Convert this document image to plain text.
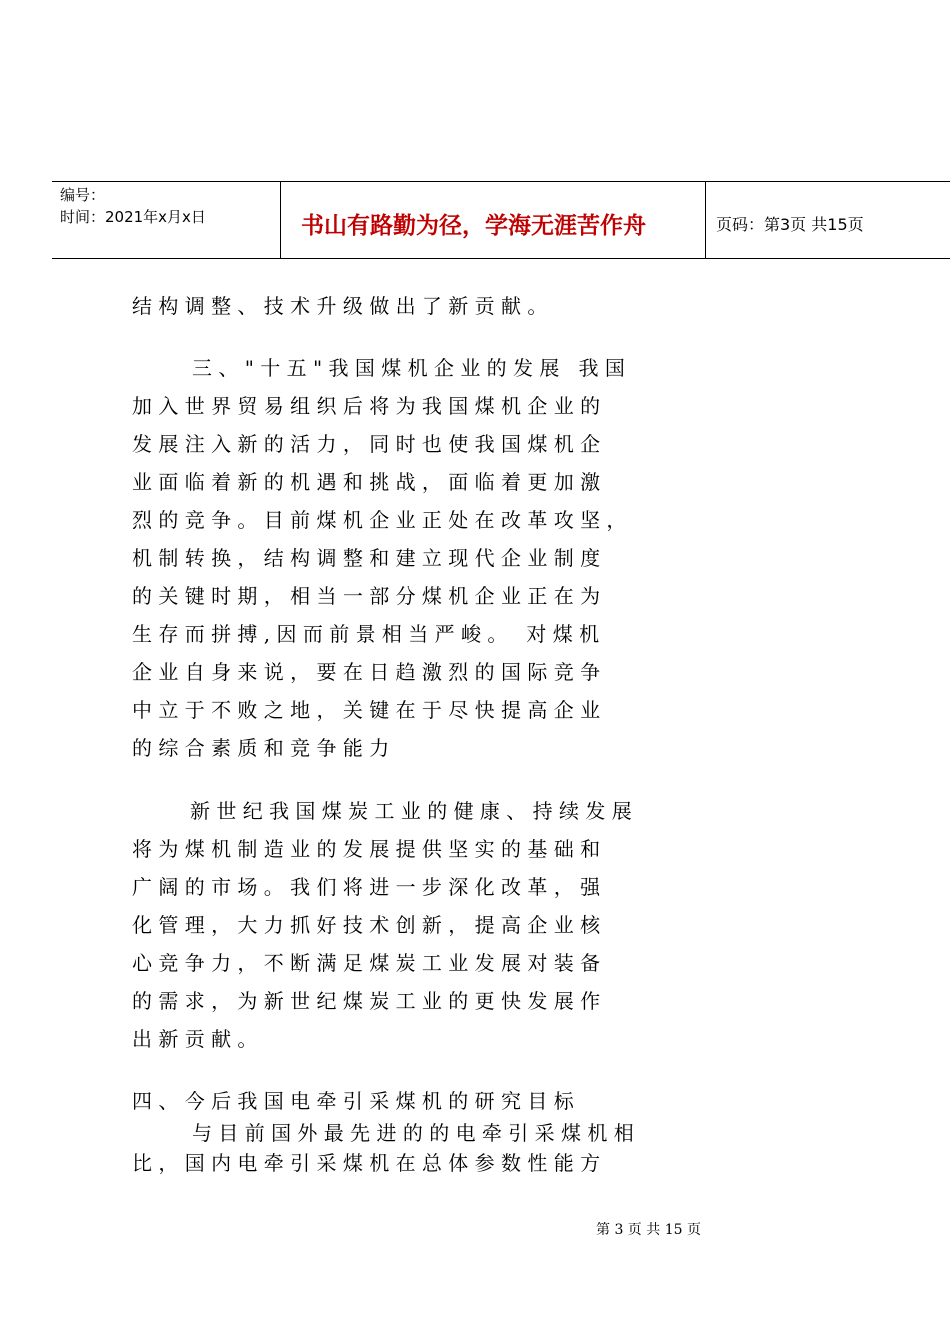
编号：
时间：2021年x月x日	书山有路勤为径，学海无涯苦作舟	页码：第3页 共15页
结 构 调 整 、 技 术 升 级 做 出 了 新 贡 献 。
三 、 " 十 五 " 我 国 煤 机 企 业 的 发 展   我 国
加 入 世 界 贸 易 组 织 后 将 为 我 国 煤 机 企 业 的
发 展 注 入 新 的 活 力 ， 同 时 也 使 我 国 煤 机 企
业 面 临 着 新 的 机 遇 和 挑 战 ， 面 临 着 更 加 激
烈 的 竞 争 。 目 前 煤 机 企 业 正 处 在 改 革 攻 坚 ，
机 制 转 换 ， 结 构 调 整 和 建 立 现 代 企 业 制 度
的 关 键 时 期 ， 相 当 一 部 分 煤 机 企 业 正 在 为
生 存 而 拼 搏 , 因 而 前 景 相 当 严 峻 。   对 煤 机
企 业 自 身 来 说 ， 要 在 日 趋 激 烈 的 国 际 竞 争
中 立 于 不 败 之 地 ， 关 键 在 于 尽 快 提 高 企 业
的 综 合 素 质 和 竞 争 能 力
新 世 纪 我 国 煤 炭 工 业 的 健 康 、 持 续 发 展
将 为 煤 机 制 造 业 的 发 展 提 供 坚 实 的 基 础 和
广 阔 的 市 场 。 我 们 将 进 一 步 深 化 改 革 ， 强
化 管 理 ， 大 力 抓 好 技 术 创 新 ， 提 高 企 业 核
心 竞 争 力 ， 不 断 满 足 煤 炭 工 业 发 展 对 装 备
的 需 求 ， 为 新 世 纪 煤 炭 工 业 的 更 快 发 展 作
出 新 贡 献 。
四 、 今 后 我 国 电 牵 引 采 煤 机 的 研 究 目 标
与 目 前 国 外 最 先 进 的 的 电 牵 引 采 煤 机 相
比 ， 国 内 电 牵 引 采 煤 机 在 总 体 参 数 性 能 方
第 3 页 共 15 页
